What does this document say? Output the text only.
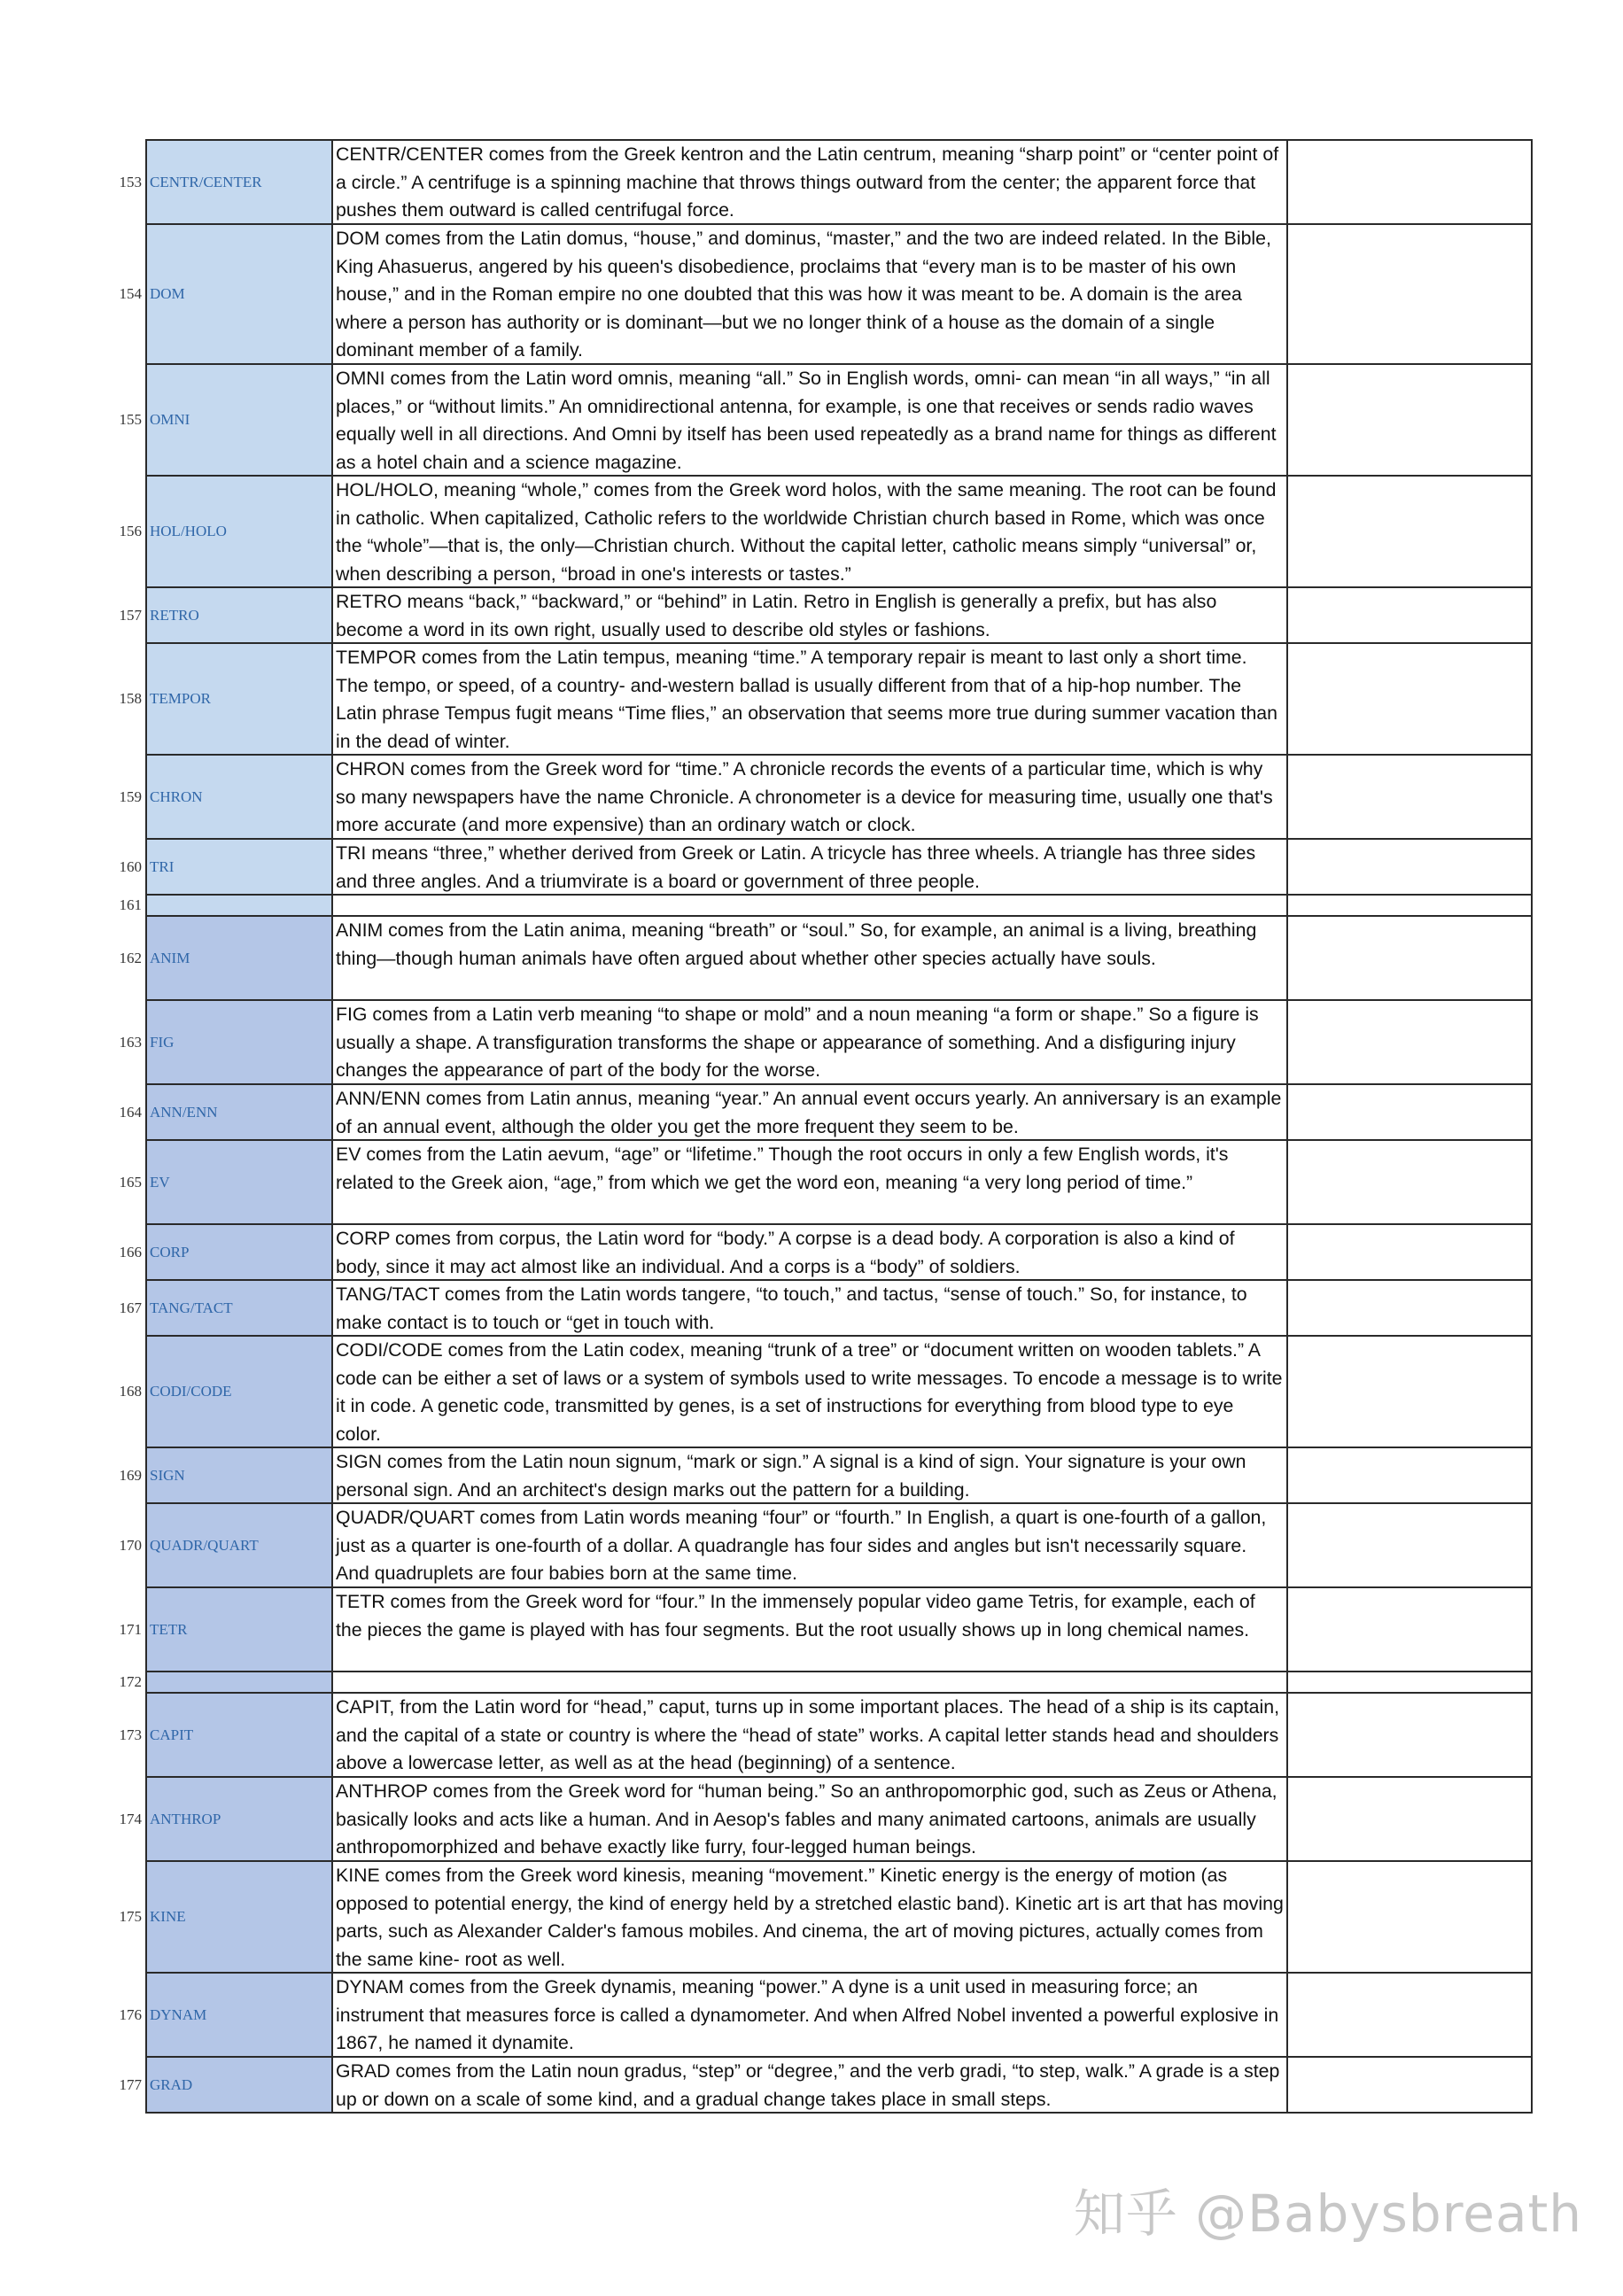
153 CENTR/CENTER
CENTR/CENTER comes from the Greek kentron and the Latin centrum, meaning “sharp point” or “center point of a circle.” A centrifuge is a spinning machine that throws things outward from the center; the apparent force that pushes them outward is called centrifugal force.
154 DOM
DOM comes from the Latin domus, “house,” and dominus, “master,” and the two are indeed related. In the Bible, King Ahasuerus, angered by his queen's disobedience, proclaims that “every man is to be master of his own house,” and in the Roman empire no one doubted that this was how it was meant to be. A domain is the area where a person has authority or is dominant—but we no longer think of a house as the domain of a single dominant member of a family.
155 OMNI
OMNI comes from the Latin word omnis, meaning “all.” So in English words, omni- can mean “in all ways,” “in all places,” or “without limits.” An omnidirectional antenna, for example, is one that receives or sends radio waves equally well in all directions. And Omni by itself has been used repeatedly as a brand name for things as different as a hotel chain and a science magazine.
156 HOL/HOLO
HOL/HOLO, meaning “whole,” comes from the Greek word holos, with the same meaning. The root can be found in catholic. When capitalized, Catholic refers to the worldwide Christian church based in Rome, which was once the “whole”—that is, the only—Christian church. Without the capital letter, catholic means simply “universal” or, when describing a person, “broad in one's interests or tastes.”
157 RETRO
RETRO means “back,” “backward,” or “behind” in Latin. Retro in English is generally a prefix, but has also become a word in its own right, usually used to describe old styles or fashions.
158 TEMPOR
TEMPOR comes from the Latin tempus, meaning “time.” A temporary repair is meant to last only a short time. The tempo, or speed, of a country- and-western ballad is usually different from that of a hip-hop number. The Latin phrase Tempus fugit means “Time flies,” an observation that seems more true during summer vacation than in the dead of winter.
159 CHRON
CHRON comes from the Greek word for “time.” A chronicle records the events of a particular time, which is why so many newspapers have the name Chronicle. A chronometer is a device for measuring time, usually one that's more accurate (and more expensive) than an ordinary watch or clock.
160 TRI
TRI means “three,” whether derived from Greek or Latin. A tricycle has three wheels. A triangle has three sides and three angles. And a triumvirate is a board or government of three people.
161
162 ANIM
ANIM comes from the Latin anima, meaning “breath” or “soul.” So, for example, an animal is a living, breathing thing—though human animals have often argued about whether other species actually have souls.
163 FIG
FIG comes from a Latin verb meaning “to shape or mold” and a noun meaning “a form or shape.” So a figure is usually a shape. A transfiguration transforms the shape or appearance of something. And a disfiguring injury changes the appearance of part of the body for the worse.
164 ANN/ENN
ANN/ENN comes from Latin annus, meaning “year.” An annual event occurs yearly. An anniversary is an example of an annual event, although the older you get the more frequent they seem to be.
165 EV
EV comes from the Latin aevum, “age” or “lifetime.” Though the root occurs in only a few English words, it's related to the Greek aion, “age,” from which we get the word eon, meaning “a very long period of time.”
166 CORP
CORP comes from corpus, the Latin word for “body.” A corpse is a dead body. A corporation is also a kind of body, since it may act almost like an individual. And a corps is a “body” of soldiers.
167 TANG/TACT
TANG/TACT comes from the Latin words tangere, “to touch,” and tactus, “sense of touch.” So, for instance, to make contact is to touch or “get in touch with.
168 CODI/CODE
CODI/CODE comes from the Latin codex, meaning “trunk of a tree” or “document written on wooden tablets.” A code can be either a set of laws or a system of symbols used to write messages. To encode a message is to write it in code. A genetic code, transmitted by genes, is a set of instructions for everything from blood type to eye color.
169 SIGN
SIGN comes from the Latin noun signum, “mark or sign.” A signal is a kind of sign. Your signature is your own personal sign. And an architect's design marks out the pattern for a building.
170 QUADR/QUART
QUADR/QUART comes from Latin words meaning “four” or “fourth.” In English, a quart is one-fourth of a gallon, just as a quarter is one-fourth of a dollar. A quadrangle has four sides and angles but isn't necessarily square. And quadruplets are four babies born at the same time.
171 TETR
TETR comes from the Greek word for “four.” In the immensely popular video game Tetris, for example, each of the pieces the game is played with has four segments. But the root usually shows up in long chemical names.
172
173 CAPIT
CAPIT, from the Latin word for “head,” caput, turns up in some important places. The head of a ship is its captain, and the capital of a state or country is where the “head of state” works. A capital letter stands head and shoulders above a lowercase letter, as well as at the head (beginning) of a sentence.
174 ANTHROP
ANTHROP comes from the Greek word for “human being.” So an anthropomorphic god, such as Zeus or Athena, basically looks and acts like a human. And in Aesop's fables and many animated cartoons, animals are usually anthropomorphized and behave exactly like furry, four-legged human beings.
175 KINE
KINE comes from the Greek word kinesis, meaning “movement.” Kinetic energy is the energy of motion (as opposed to potential energy, the kind of energy held by a stretched elastic band). Kinetic art is art that has moving parts, such as Alexander Calder's famous mobiles. And cinema, the art of moving pictures, actually comes from the same kine- root as well.
176 DYNAM
DYNAM comes from the Greek dynamis, meaning “power.” A dyne is a unit used in measuring force; an instrument that measures force is called a dynamometer. And when Alfred Nobel invented a powerful explosive in 1867, he named it dynamite.
177 GRAD
GRAD comes from the Latin noun gradus, “step” or “degree,” and the verb gradi, “to step, walk.” A grade is a step up or down on a scale of some kind, and a gradual change takes place in small steps.
知乎 @Babysbreath
